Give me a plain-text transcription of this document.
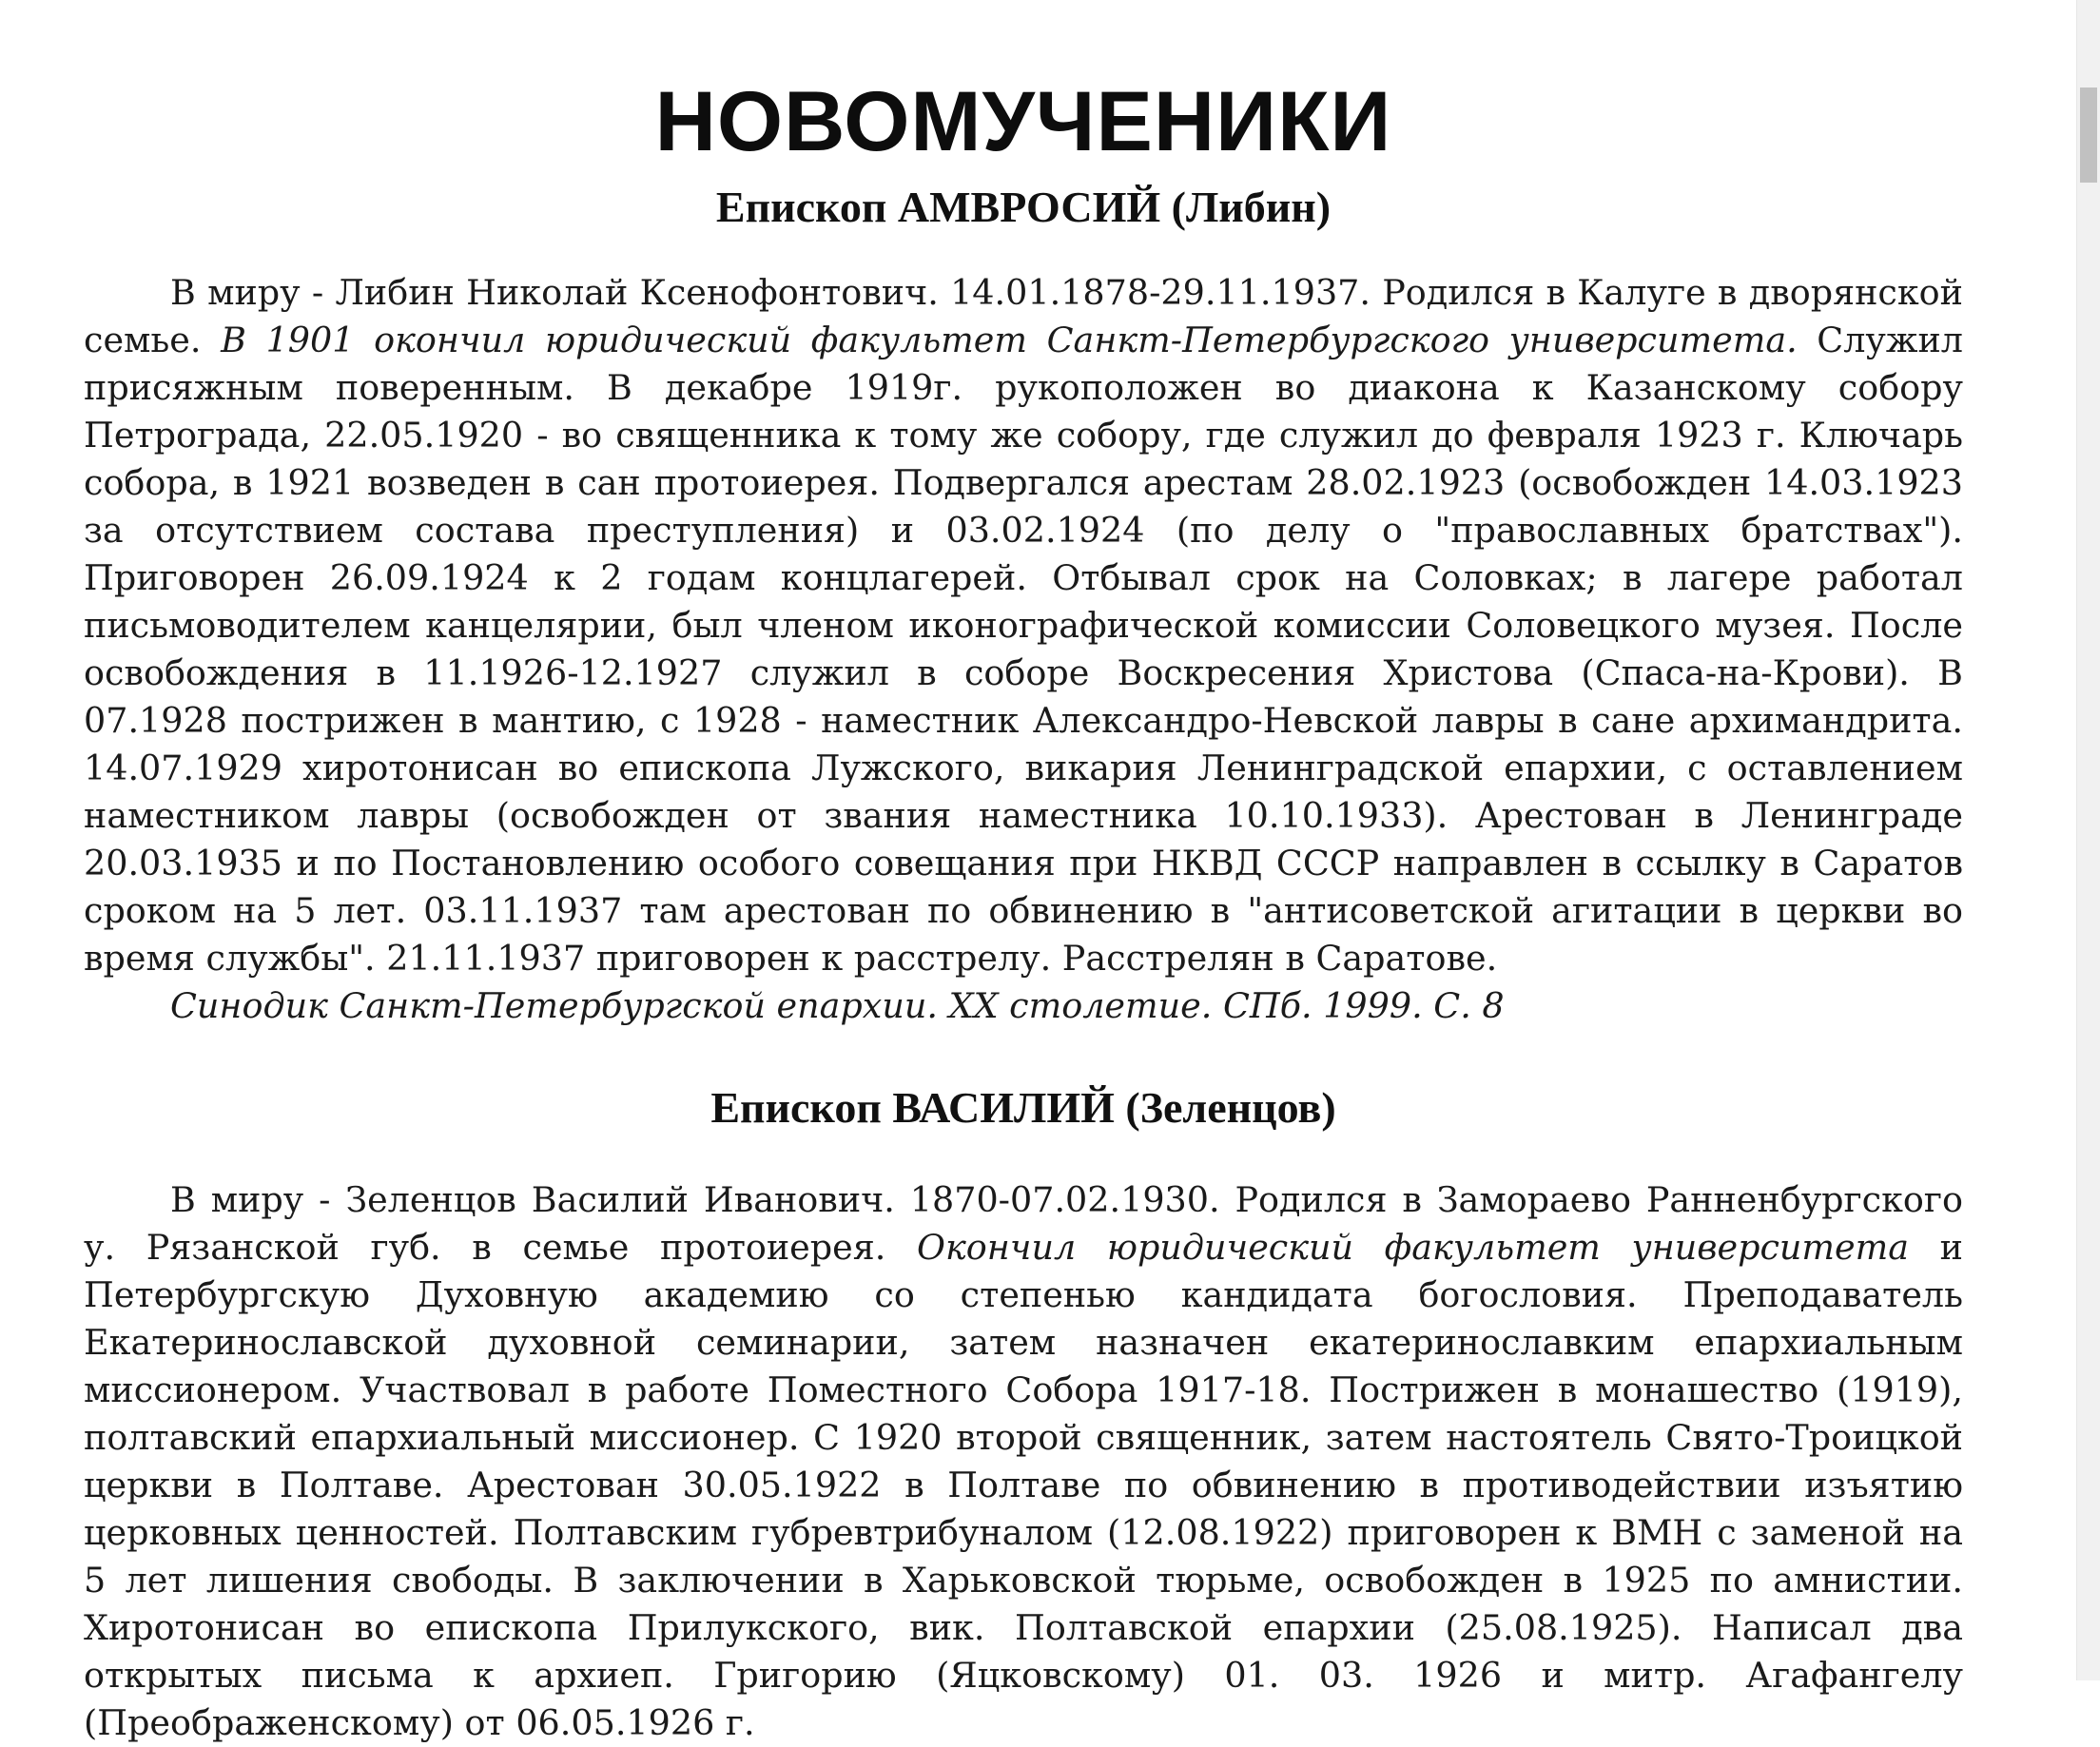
НОВОМУЧЕНИКИ
Епископ АМВРОСИЙ (Либин)

В миру - Либин Николай Ксенофонтович. 14.01.1878-29.11.1937. Родился в Калуге в дворянской семье. В 1901 окончил юридический факультет Санкт-Петербургского университета. Служил присяжным поверенным. В декабре 1919г. рукоположен во диакона к Казанскому собору Петрограда, 22.05.1920 - во священника к тому же собору, где служил до февраля 1923 г. Ключарь собора, в 1921 возведен в сан протоиерея. Подвергался арестам 28.02.1923 (освобожден 14.03.1923 за отсутствием состава преступления) и 03.02.1924 (по делу о "православных братствах"). Приговорен 26.09.1924 к 2 годам концлагерей. Отбывал срок на Соловках; в лагере работал письмоводителем канцелярии, был членом иконографической комиссии Соловецкого музея. После освобождения в 11.1926-12.1927 служил в соборе Воскресения Христова (Спаса-на-Крови). В 07.1928 пострижен в мантию, с 1928 - наместник Александро-Невской лавры в сане архимандрита. 14.07.1929 хиротонисан во епископа Лужского, викария Ленинградской епархии, с оставлением наместником лавры (освобожден от звания наместника 10.10.1933). Арестован в Ленинграде 20.03.1935 и по Постановлению особого совещания при НКВД СССР направлен в ссылку в Саратов сроком на 5 лет. 03.11.1937 там арестован по обвинению в "антисоветской агитации в церкви во время службы". 21.11.1937 приговорен к расстрелу. Расстрелян в Саратове.

Синодик Санкт-Петербургской епархии. XX столетие. СПб. 1999. С. 8

Епископ ВАСИЛИЙ (Зеленцов)

В миру - Зеленцов Василий Иванович. 1870-07.02.1930. Родился в Замораево Ранненбургского у. Рязанской губ. в семье протоиерея. Окончил юридический факультет университета и Петербургскую Духовную академию со степенью кандидата богословия. Преподаватель Екатеринославской духовной семинарии, затем назначен екатеринославким епархиальным миссионером. Участвовал в работе Поместного Собора 1917-18. Пострижен в монашество (1919), полтавский епархиальный миссионер. С 1920 второй священник, затем настоятель Свято-Троицкой церкви в Полтаве. Арестован 30.05.1922 в Полтаве по обвинению в противодействии изъятию церковных ценностей. Полтавским губревтрибуналом (12.08.1922) приговорен к ВМН с заменой на 5 лет лишения свободы. В заключении в Харьковской тюрьме, освобожден в 1925 по амнистии. Хиротонисан во епископа Прилукского, вик. Полтавской епархии (25.08.1925). Написал два открытых письма к архиеп. Григорию (Яцковскому) 01. 03. 1926 и митр. Агафангелу (Преображенскому) от 06.05.1926 г.
